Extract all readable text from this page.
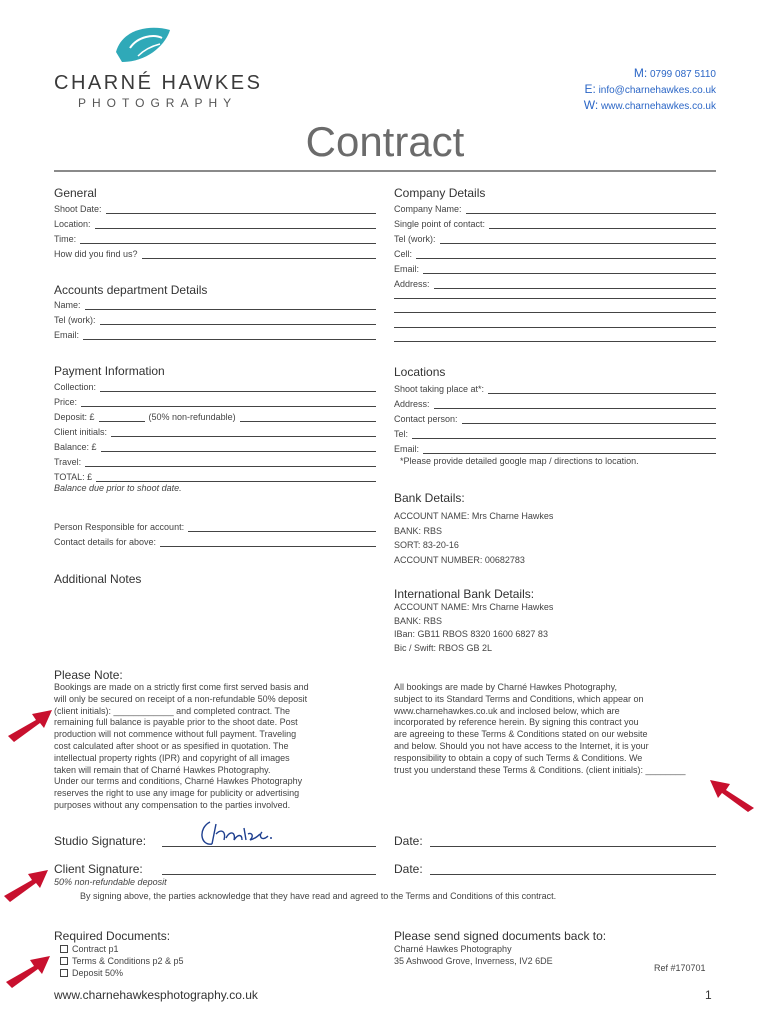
CHARNÉ HAWKES
PHOTOGRAPHY
M: 0799 087 5110
E: info@charnehawkes.co.uk
W: www.charnehawkes.co.uk
Contract
General
Shoot Date:
Location:
Time:
How did you find us?
Company Details
Company Name:
Single point of contact:
Tel (work):
Cell:
Email:
Address:
Accounts department Details
Name:
Tel (work):
Email:
Payment Information
Collection:
Price:
Deposit: £	(50% non-refundable)
Client initials:
Balance: £
Travel:
TOTAL: £
Balance due prior to shoot date.
Person Responsible for account:
Contact details for above:
Locations
Shoot taking place at*:
Address:
Contact person:
Tel:
Email:
*Please provide detailed google map / directions to location.
Bank Details:
ACCOUNT NAME: Mrs Charne Hawkes
BANK: RBS
SORT: 83-20-16
ACCOUNT NUMBER: 00682783
Additional Notes
International Bank Details:
ACCOUNT NAME: Mrs Charne Hawkes
BANK: RBS
IBan: GB11 RBOS 8320 1600 6827 83
Bic / Swift: RBOS GB 2L
Please Note:
Bookings are made on a strictly first come first served basis and
will only be secured on receipt of a non-refundable 50% deposit
(client initials): ____________ and completed contract. The
remaining full balance is payable prior to the shoot date. Post
production will not commence without full payment. Traveling
cost calculated after shoot or as spesified in quotation. The
intellectual property rights (IPR) and copyright of all images
taken will remain that of Charné Hawkes Photography.
Under our terms and conditions, Charné Hawkes Photography
reserves the right to use any image for publicity or advertising
purposes without any compensation to the parties involved.
All bookings are made by Charné Hawkes Photography,
subject to its Standard Terms and Conditions, which appear on
www.charnehawkes.co.uk and inclosed below, which are
incorporated by reference herein. By signing this contract you
are agreeing to these Terms & Conditions stated on our website
and below. Should you not have access to the Internet, it is your
responsibility to obtain a copy of such Terms & Conditions. We
trust you understand these Terms & Conditions. (client initials): ________
Studio Signature:	Date:
Client Signature:	Date:
50% non-refundable deposit
By signing above, the parties acknowledge that they have read and agreed to the Terms and Conditions of this contract.
Required Documents:
Contract p1
Terms & Conditions p2 & p5
Deposit 50%
Please send signed documents back to:
Charné Hawkes Photography
35 Ashwood Grove, Inverness, IV2 6DE
Ref #170701
www.charnehawkesphotography.co.uk	1
